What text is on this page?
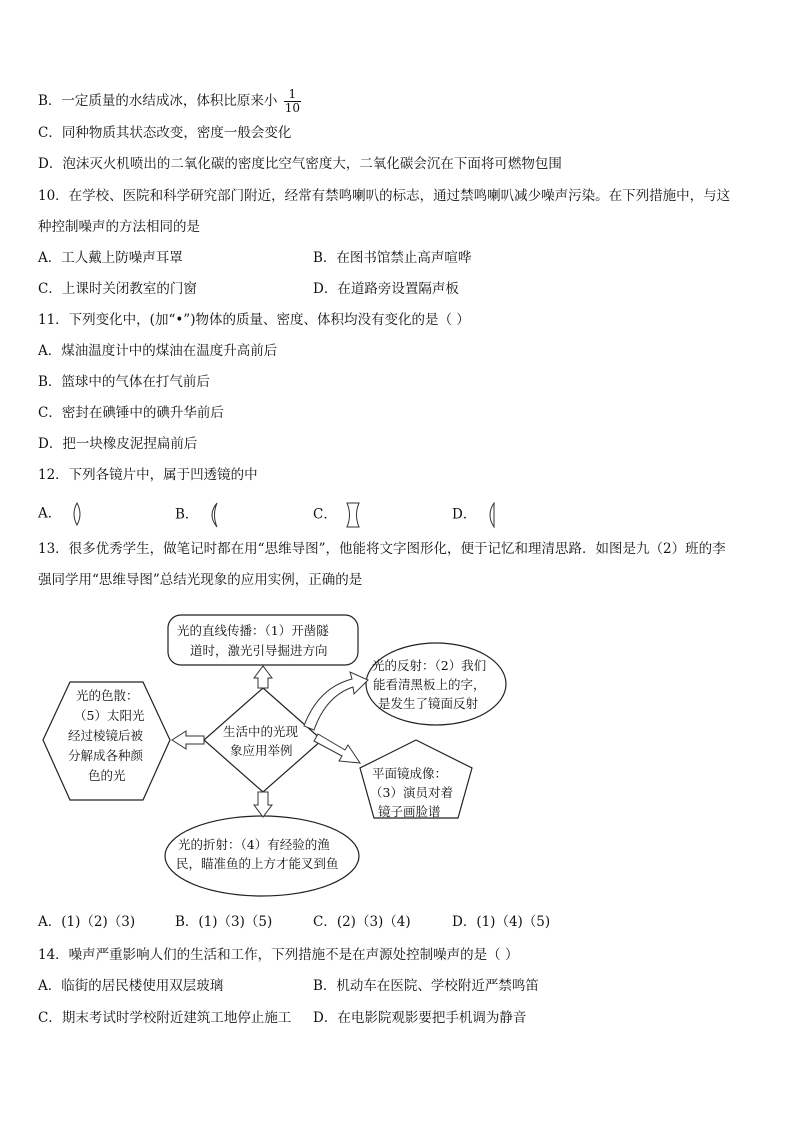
B．一定质量的水结成冰，体积比原来小 $\frac{1}{10}$
C．同种物质其状态改变，密度一般会变化
D．泡沫灭火机喷出的二氧化碳的密度比空气密度大，二氧化碳会沉在下面将可燃物包围
10．在学校、医院和科学研究部门附近，经常有禁鸣喇叭的标志，通过禁鸣喇叭减少噪声污染。在下列措施中，与这
种控制噪声的方法相同的是
A．工人戴上防噪声耳罩	B．在图书馆禁止高声喧哗
C．上课时关闭教室的门窗	D．在道路旁设置隔声板
11．下列变化中，(加“•”)物体的质量、密度、体积均没有变化的是（ ）
A．煤油温度计中的煤油在温度升高前后
B．篮球中的气体在打气前后
C．密封在碘锤中的碘升华前后
D．把一块橡皮泥捏扁前后
12．下列各镜片中，属于凹透镜的中
A．	B．	C．	D．
13．很多优秀学生，做笔记时都在用“思维导图”，他能将文字图形化，便于记忆和理清思路．如图是九（2）班的李
强同学用“思维导图”总结光现象的应用实例，正确的是
光的直线传播：（1）开凿隧
道时，激光引导掘进方向
光的反射：（2）我们
能看清黑板上的字，
是发生了镜面反射
光的色散：
（5）太阳光
经过棱镜后被
分解成各种颜
色的光
生活中的光现
象应用举例
平面镜成像：
（3）演员对着
镜子画脸谱
光的折射：（4）有经验的渔
民，瞄准鱼的上方才能叉到鱼
A．(1)（2)（3)	B．(1)（3)（5)	C．(2)（3)（4)	D．(1)（4)（5)
14．噪声严重影响人们的生活和工作，下列措施不是在声源处控制噪声的是（ ）
A．临街的居民楼使用双层玻璃	B．机动车在医院、学校附近严禁鸣笛
C．期末考试时学校附近建筑工地停止施工 D．在电影院观影要把手机调为静音
